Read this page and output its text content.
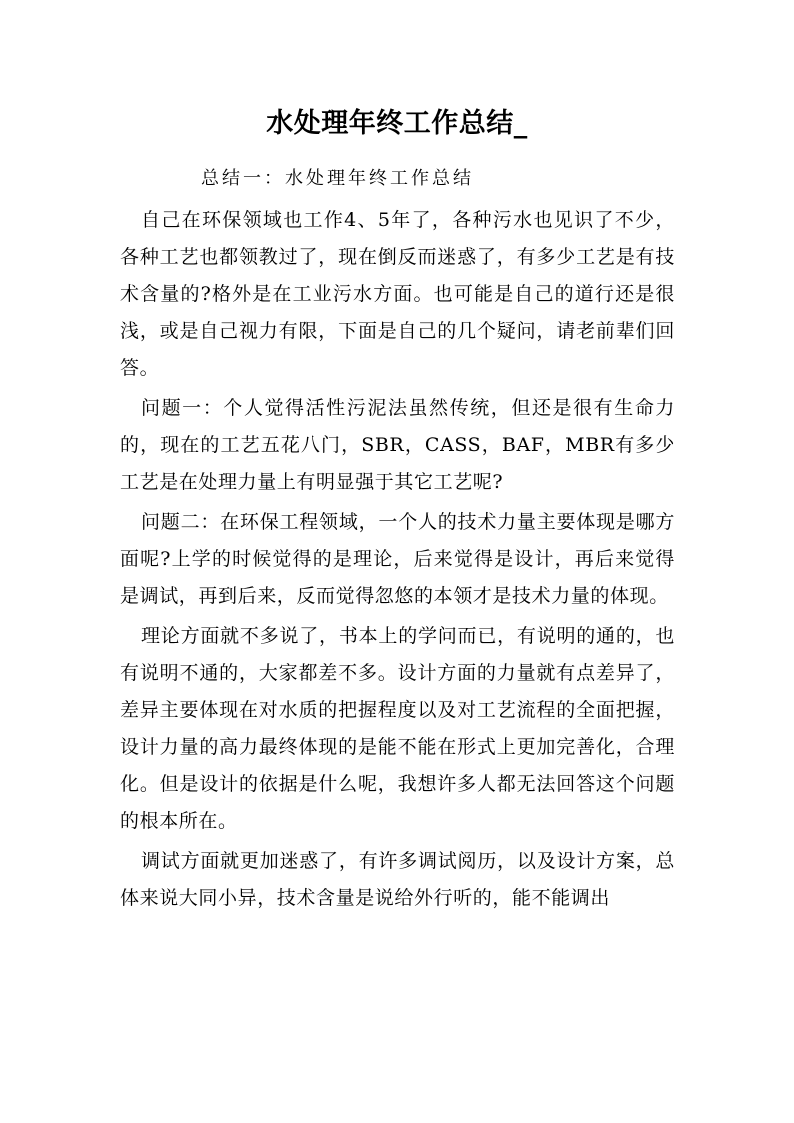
水处理年终工作总结_
总结一：水处理年终工作总结

自己在环保领域也工作4、5年了，各种污水也见识了不少，各种工艺也都领教过了，现在倒反而迷惑了，有多少工艺是有技术含量的?格外是在工业污水方面。也可能是自己的道行还是很浅，或是自己视力有限，下面是自己的几个疑问，请老前辈们回答。

问题一：个人觉得活性污泥法虽然传统，但还是很有生命力的，现在的工艺五花八门，SBR，CASS，BAF，MBR有多少工艺是在处理力量上有明显强于其它工艺呢?

问题二：在环保工程领域，一个人的技术力量主要体现是哪方面呢?上学的时候觉得的是理论，后来觉得是设计，再后来觉得是调试，再到后来，反而觉得忽悠的本领才是技术力量的体现。

理论方面就不多说了，书本上的学问而已，有说明的通的，也有说明不通的，大家都差不多。设计方面的力量就有点差异了，差异主要体现在对水质的把握程度以及对工艺流程的全面把握，设计力量的高力最终体现的是能不能在形式上更加完善化，合理化。但是设计的依据是什么呢，我想许多人都无法回答这个问题的根本所在。

调试方面就更加迷惑了，有许多调试阅历，以及设计方案，总体来说大同小异，技术含量是说给外行听的，能不能调出
